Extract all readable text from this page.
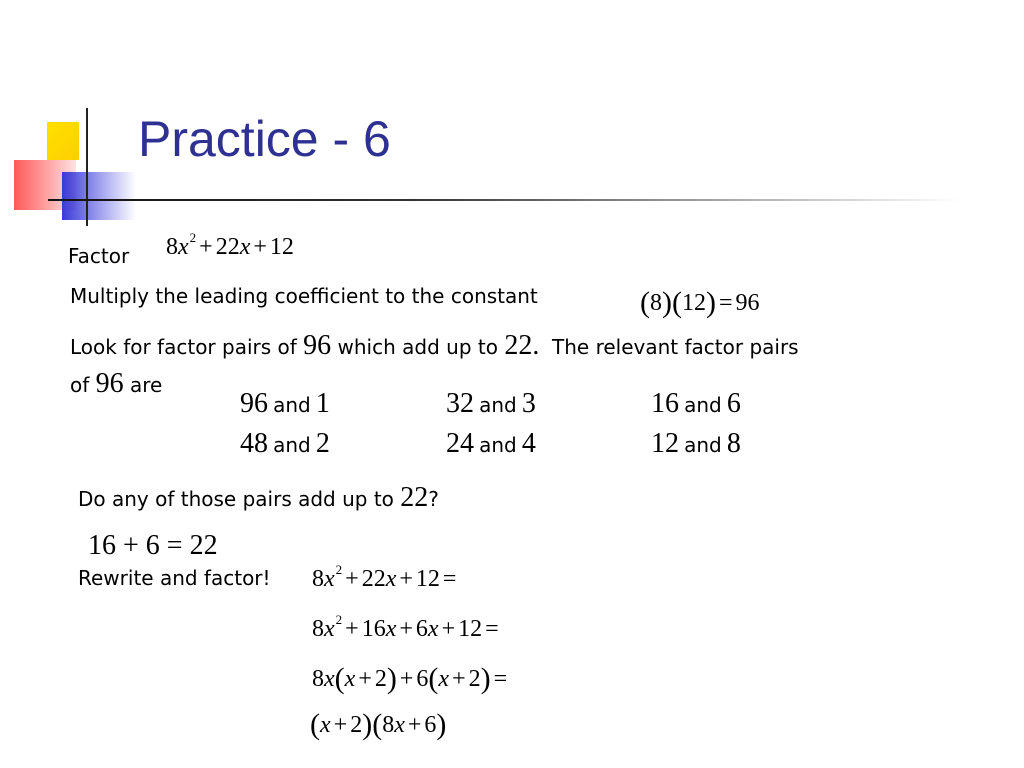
Practice - 6
Factor $8x^2 + 22x + 12$
Multiply the leading coefficient to the constant	(8)(12) = 96
Look for factor pairs of 96 which add up to 22. The relevant factor pairs
of 96 are
96 and 1	32 and 3	16 and 6
48 and 2	24 and 4	12 and 8
Do any of those pairs add up to 22?
16 + 6 = 22
Rewrite and factor! $8x^2 + 22x + 12$ =
$8x^2 + 16x + 6x + 12$ =
8x(x + 2) + 6(x + 2) =
(x + 2)(8x + 6)
